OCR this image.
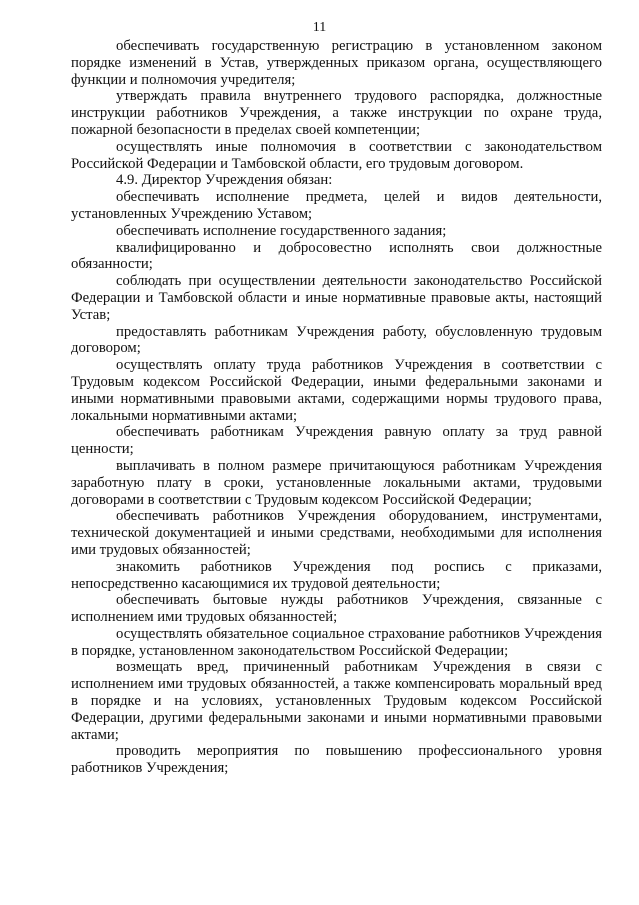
11

обеспечивать государственную регистрацию в установленном законом порядке изменений в Устав, утвержденных приказом органа, осуществляющего функции и полномочия учредителя;

утверждать правила внутреннего трудового распорядка, должностные инструкции работников Учреждения, а также инструкции по охране труда, пожарной безопасности в пределах своей компетенции;

осуществлять иные полномочия в соответствии с законодательством Российской Федерации и Тамбовской области, его трудовым договором.

4.9. Директор Учреждения обязан:

обеспечивать исполнение предмета, целей и видов деятельности, установленных Учреждению Уставом;

обеспечивать исполнение государственного задания;

квалифицированно и добросовестно исполнять свои должностные обязанности;

соблюдать при осуществлении деятельности законодательство Российской Федерации и Тамбовской области и иные нормативные правовые акты, настоящий Устав;

предоставлять работникам Учреждения работу, обусловленную трудовым договором;

осуществлять оплату труда работников Учреждения в соответствии с Трудовым кодексом Российской Федерации, иными федеральными законами и иными нормативными правовыми актами, содержащими нормы трудового права, локальными нормативными актами;

обеспечивать работникам Учреждения равную оплату за труд равной ценности;

выплачивать в полном размере причитающуюся работникам Учреждения заработную плату в сроки, установленные локальными актами, трудовыми договорами в соответствии с Трудовым кодексом Российской Федерации;

обеспечивать работников Учреждения оборудованием, инструментами, технической документацией и иными средствами, необходимыми для исполнения ими трудовых обязанностей;

знакомить работников Учреждения под роспись с приказами, непосредственно касающимися их трудовой деятельности;

обеспечивать бытовые нужды работников Учреждения, связанные с исполнением ими трудовых обязанностей;

осуществлять обязательное социальное страхование работников Учреждения в порядке, установленном законодательством Российской Федерации;

возмещать вред, причиненный работникам Учреждения в связи с исполнением ими трудовых обязанностей, а также компенсировать моральный вред в порядке и на условиях, установленных Трудовым кодексом Российской Федерации, другими федеральными законами и иными нормативными правовыми актами;

проводить мероприятия по повышению профессионального уровня работников Учреждения;
